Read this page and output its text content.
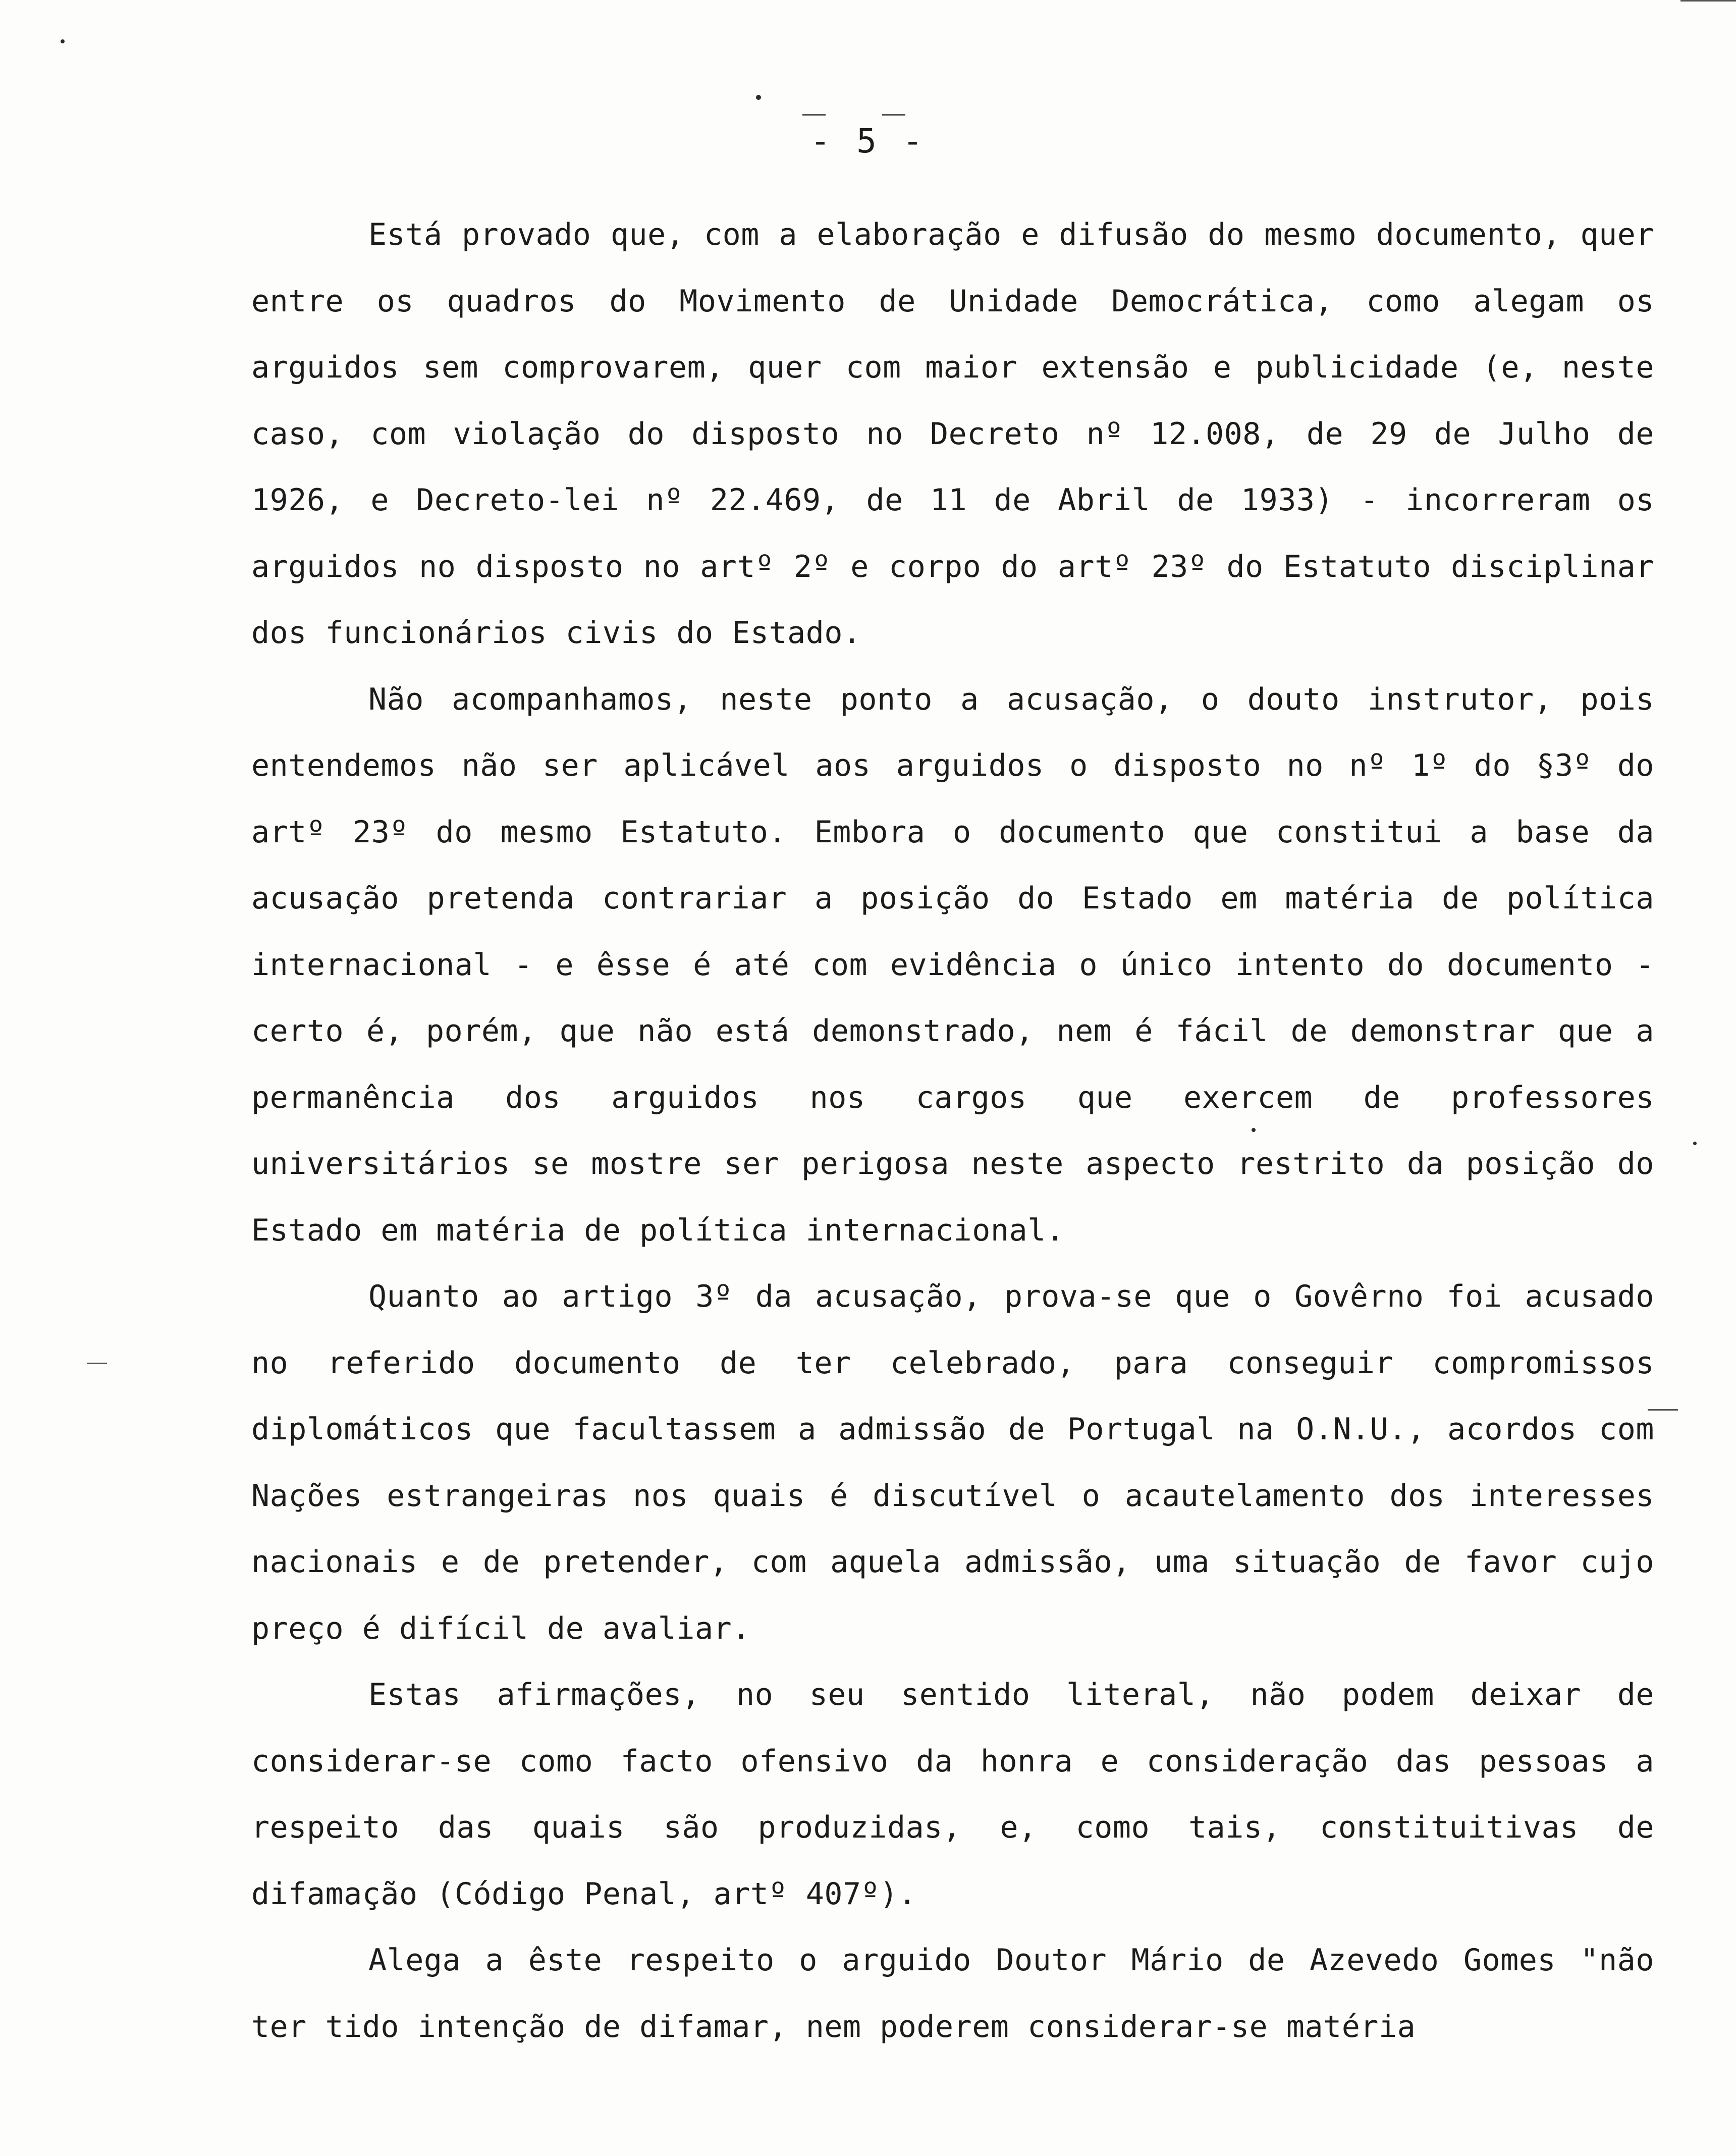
- 5 -

Está provado que, com a elaboração e difusão do mesmo documento, quer entre os quadros do Movimento de Unidade Democrática, como alegam os arguidos sem comprovarem, quer com maior extensão e publicidade (e, neste caso, com violação do disposto no Decreto nº 12.008, de 29 de Julho de 1926, e Decreto-lei nº 22.469, de 11 de Abril de 1933) - incorreram os arguidos no disposto no artº 2º e corpo do artº 23º do Estatuto disciplinar dos funcionários civis do Estado.

Não acompanhamos, neste ponto a acusação, o douto instrutor, pois entendemos não ser aplicável aos arguidos o disposto no nº 1º do §3º do artº 23º do mesmo Estatuto. Embora o documento que constitui a base da acusação pretenda contrariar a posição do Estado em matéria de política internacional - e êsse é até com evidência o único intento do documento - certo é, porém, que não está demonstrado, nem é fácil de demonstrar que a permanência dos arguidos nos cargos que exercem de professores universitários se mostre ser perigosa neste aspecto restrito da posição do Estado em matéria de política internacional.

Quanto ao artigo 3º da acusação, prova-se que o Govêrno foi acusado no referido documento de ter celebrado, para conseguir compromissos diplomáticos que facultassem a admissão de Portugal na O.N.U., acordos com Nações estrangeiras nos quais é discutível o acautelamento dos interesses nacionais e de pretender, com aquela admissão, uma situação de favor cujo preço é difícil de avaliar.

Estas afirmações, no seu sentido literal, não podem deixar de considerar-se como facto ofensivo da honra e consideração das pessoas a respeito das quais são produzidas, e, como tais, constituitivas de difamação (Código Penal, artº 407º).

Alega a êste respeito o arguido Doutor Mário de Azevedo Gomes "não ter tido intenção de difamar, nem poderem considerar-se matéria
